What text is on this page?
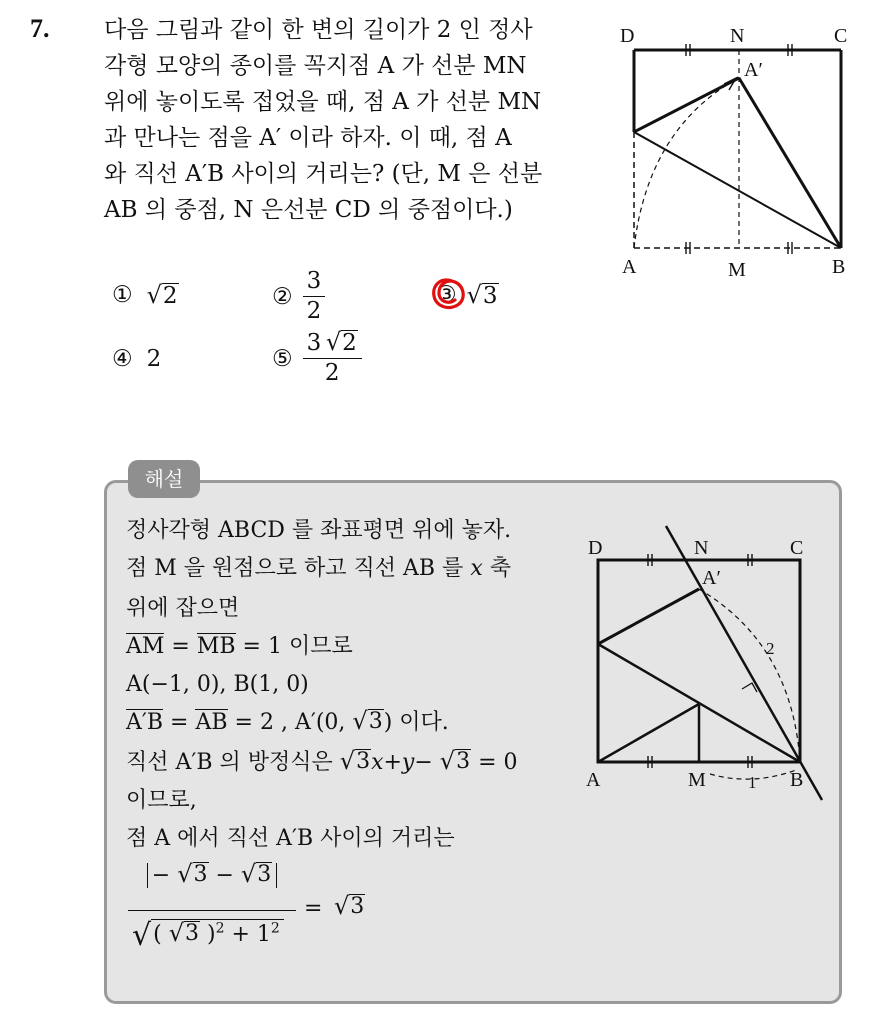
7. 다음 그림과 같이 한 변의 길이가 2 인 정사
각형 모양의 종이를 꼭지점 A 가 선분 MN
위에 놓이도록 접었을 때, 점 A 가 선분 MN
과 만나는 점을 A′ 이라 하자. 이 때, 점 A
와 직선 A′B 사이의 거리는? (단, M 은 선분
AB 의 중점, N 은선분 CD 의 중점이다.)
D	N	C
A′
A	M	B
① √ 2	② $\frac{3}{2}$	③ √ 3
④ 2	⑤ $\frac{3 √ 2}{2}$
해설
정사각형 ABCD 를 좌표평면 위에 놓자.
점 M 을 원점으로 하고 직선 AB 를 x 축
위에 잡으면
AM = MB = 1 이므로
A(−1, 0), B(1, 0)
A′B = AB = 2 , A′(0, √ 3 ) 이다.
직선 A′B 의 방정식은 √ 3 x+y− √ 3 = 0
이므로,
점 A 에서 직선 A′B 사이의 거리는
− √ 3 − √ 3
√( √ 3 )$^2 + 1^2$
= √ 3
D	N	C
A′
2
A	M 1 B
